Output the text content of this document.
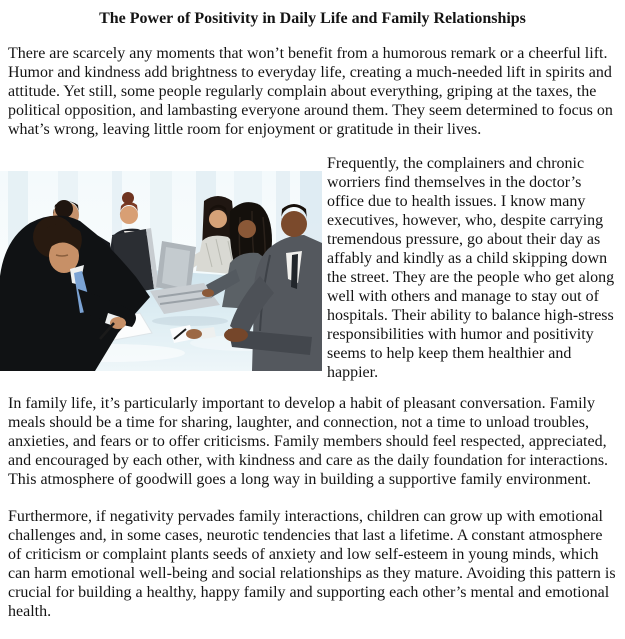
The Power of Positivity in Daily Life and Family Relationships

There are scarcely any moments that won’t benefit from a humorous remark or a cheerful lift. Humor and kindness add brightness to everyday life, creating a much-needed lift in spirits and attitude. Yet still, some people regularly complain about everything, griping at the taxes, the political opposition, and lambasting everyone around them. They seem determined to focus on what’s wrong, leaving little room for enjoyment or gratitude in their lives.

Frequently, the complainers and chronic worriers find themselves in the doctor’s office due to health issues. I know many executives, however, who, despite carrying tremendous pressure, go about their day as affably and kindly as a child skipping down the street. They are the people who get along well with others and manage to stay out of hospitals. Their ability to balance high-stress responsibilities with humor and positivity seems to help keep them healthier and happier.

In family life, it’s particularly important to develop a habit of pleasant conversation. Family meals should be a time for sharing, laughter, and connection, not a time to unload troubles, anxieties, and fears or to offer criticisms. Family members should feel respected, appreciated, and encouraged by each other, with kindness and care as the daily foundation for interactions. This atmosphere of goodwill goes a long way in building a supportive family environment.

Furthermore, if negativity pervades family interactions, children can grow up with emotional challenges and, in some cases, neurotic tendencies that last a lifetime. A constant atmosphere of criticism or complaint plants seeds of anxiety and low self-esteem in young minds, which can harm emotional well-being and social relationships as they mature. Avoiding this pattern is crucial for building a healthy, happy family and supporting each other’s mental and emotional health.
